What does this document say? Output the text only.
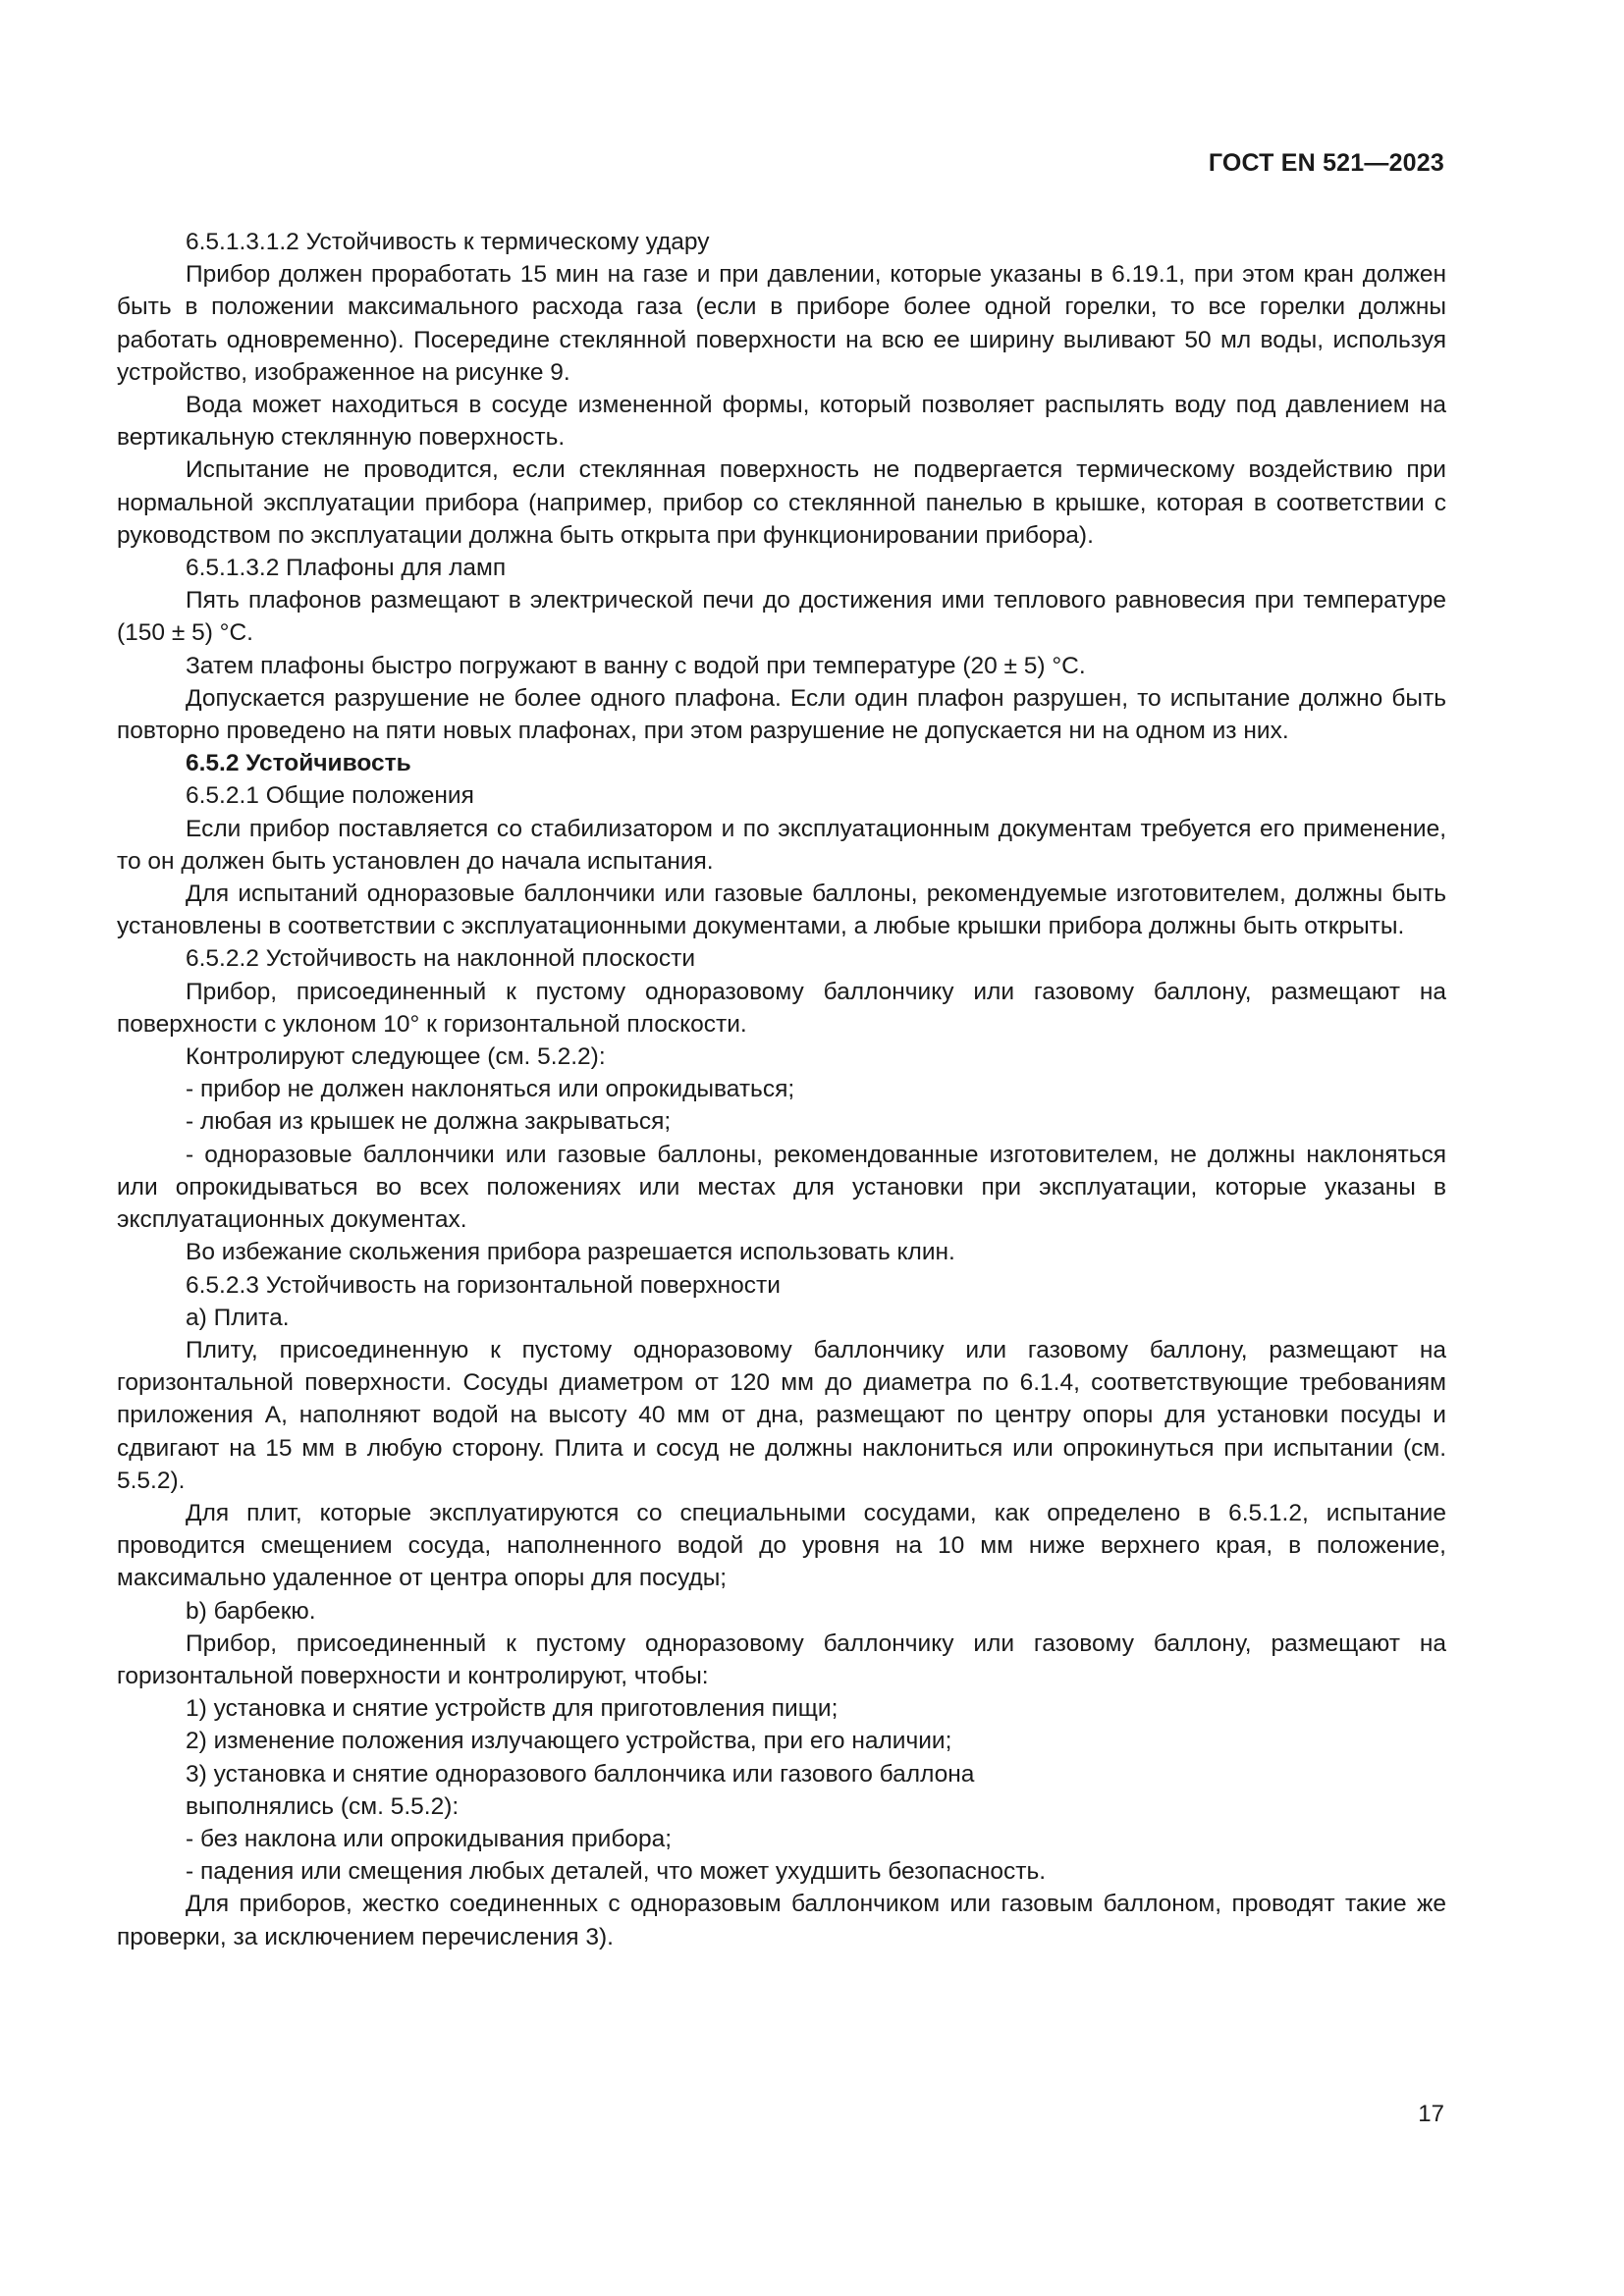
ГОСТ EN 521—2023

6.5.1.3.1.2 Устойчивость к термическому удару

Прибор должен проработать 15 мин на газе и при давлении, которые указаны в 6.19.1, при этом кран должен быть в положении максимального расхода газа (если в приборе более одной горелки, то все горелки должны работать одновременно). Посередине стеклянной поверхности на всю ее ширину выливают 50 мл воды, используя устройство, изображенное на рисунке 9.

Вода может находиться в сосуде измененной формы, который позволяет распылять воду под давлением на вертикальную стеклянную поверхность.

Испытание не проводится, если стеклянная поверхность не подвергается термическому воздействию при нормальной эксплуатации прибора (например, прибор со стеклянной панелью в крышке, которая в соответствии с руководством по эксплуатации должна быть открыта при функционировании прибора).

6.5.1.3.2 Плафоны для ламп

Пять плафонов размещают в электрической печи до достижения ими теплового равновесия при температуре (150 ± 5) °С.

Затем плафоны быстро погружают в ванну с водой при температуре (20 ± 5) °С.

Допускается разрушение не более одного плафона. Если один плафон разрушен, то испытание должно быть повторно проведено на пяти новых плафонах, при этом разрушение не допускается ни на одном из них.

6.5.2 Устойчивость

6.5.2.1 Общие положения

Если прибор поставляется со стабилизатором и по эксплуатационным документам требуется его применение, то он должен быть установлен до начала испытания.

Для испытаний одноразовые баллончики или газовые баллоны, рекомендуемые изготовителем, должны быть установлены в соответствии с эксплуатационными документами, а любые крышки прибора должны быть открыты.

6.5.2.2 Устойчивость на наклонной плоскости

Прибор, присоединенный к пустому одноразовому баллончику или газовому баллону, размещают на поверхности с уклоном 10° к горизонтальной плоскости.

Контролируют следующее (см. 5.2.2):

- прибор не должен наклоняться или опрокидываться;

- любая из крышек не должна закрываться;

- одноразовые баллончики или газовые баллоны, рекомендованные изготовителем, не должны наклоняться или опрокидываться во всех положениях или местах для установки при эксплуатации, которые указаны в эксплуатационных документах.

Во избежание скольжения прибора разрешается использовать клин.

6.5.2.3 Устойчивость на горизонтальной поверхности

a) Плита.

Плиту, присоединенную к пустому одноразовому баллончику или газовому баллону, размещают на горизонтальной поверхности. Сосуды диаметром от 120 мм до диаметра по 6.1.4, соответствующие требованиям приложения А, наполняют водой на высоту 40 мм от дна, размещают по центру опоры для установки посуды и сдвигают на 15 мм в любую сторону. Плита и сосуд не должны наклониться или опрокинуться при испытании (см. 5.5.2).

Для плит, которые эксплуатируются со специальными сосудами, как определено в 6.5.1.2, испытание проводится смещением сосуда, наполненного водой до уровня на 10 мм ниже верхнего края, в положение, максимально удаленное от центра опоры для посуды;

b) барбекю.

Прибор, присоединенный к пустому одноразовому баллончику или газовому баллону, размещают на горизонтальной поверхности и контролируют, чтобы:

1) установка и снятие устройств для приготовления пищи;

2) изменение положения излучающего устройства, при его наличии;

3) установка и снятие одноразового баллончика или газового баллона

выполнялись (см. 5.5.2):

- без наклона или опрокидывания прибора;

- падения или смещения любых деталей, что может ухудшить безопасность.

Для приборов, жестко соединенных с одноразовым баллончиком или газовым баллоном, проводят такие же проверки, за исключением перечисления 3).

17
